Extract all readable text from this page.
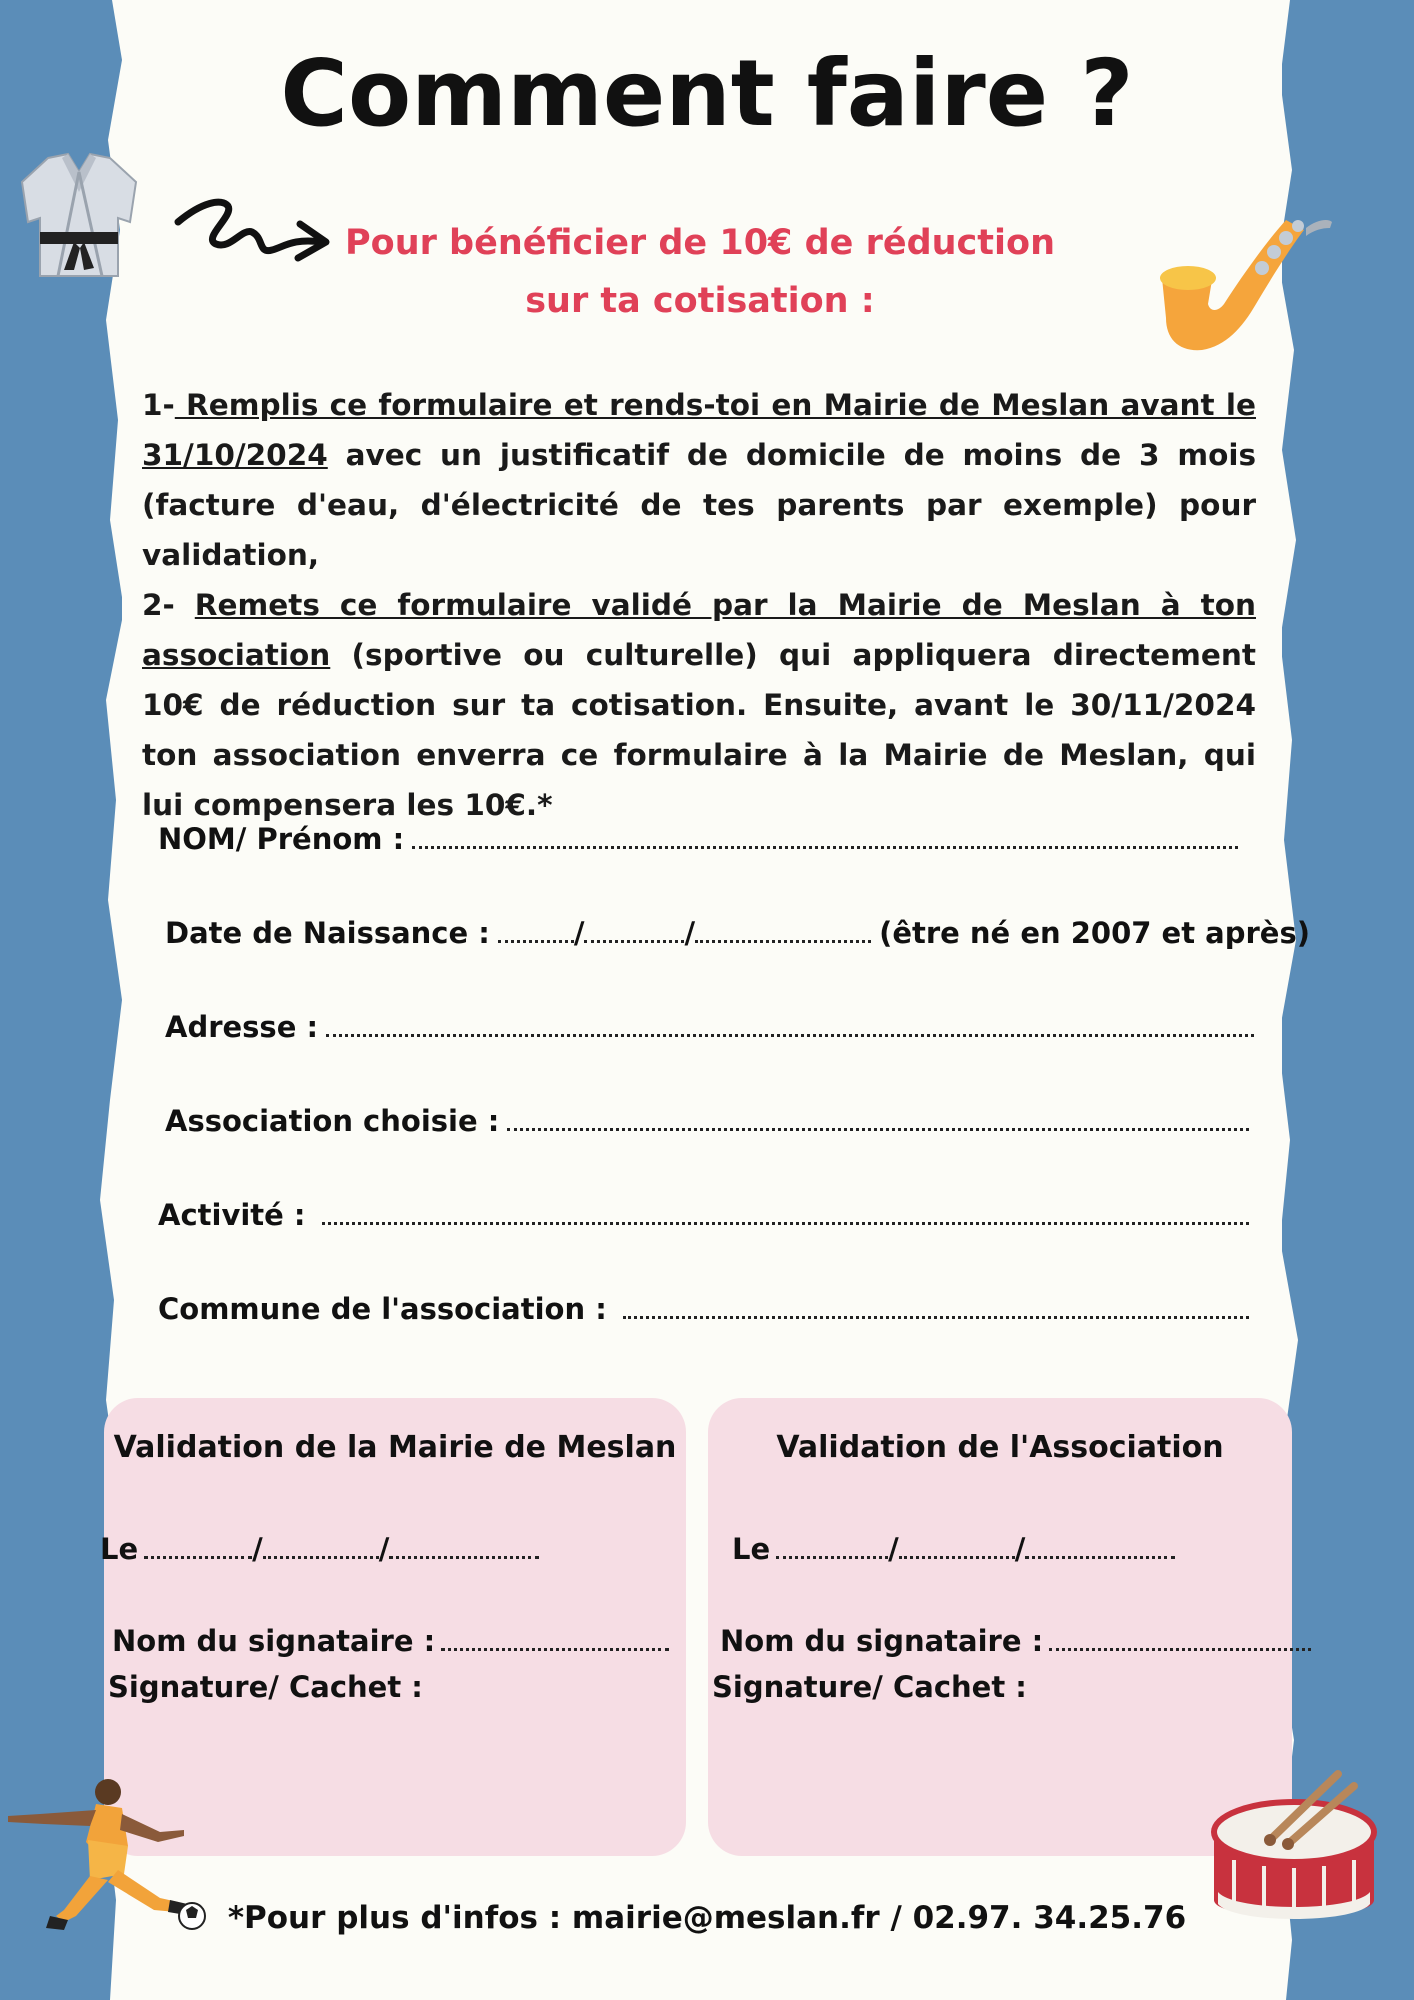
Comment faire ?
Pour bénéficier de 10€ de réduction
sur ta cotisation :
1- Remplis ce formulaire et rends-toi en Mairie de Meslan avant le 31/10/2024 avec un justificatif de domicile de moins de 3 mois (facture d'eau, d'électricité de tes parents par exemple) pour validation,
2- Remets ce formulaire validé par la Mairie de Meslan à ton association (sportive ou culturelle) qui appliquera directement 10€ de réduction sur ta cotisation. Ensuite, avant le 30/11/2024 ton association enverra ce formulaire à la Mairie de Meslan, qui lui compensera les 10€.*
NOM/ Prénom :
Date de Naissance :	/	/	(être né en 2007 et après)
Adresse :
Association choisie :
Activité :
Commune de l'association :
Validation de la Mairie de Meslan
Le	/	/
Nom du signataire :
Signature/ Cachet :
Validation de l'Association
Le	/	/
Nom du signataire :
Signature/ Cachet :
*Pour plus d'infos : mairie@meslan.fr / 02.97. 34.25.76
